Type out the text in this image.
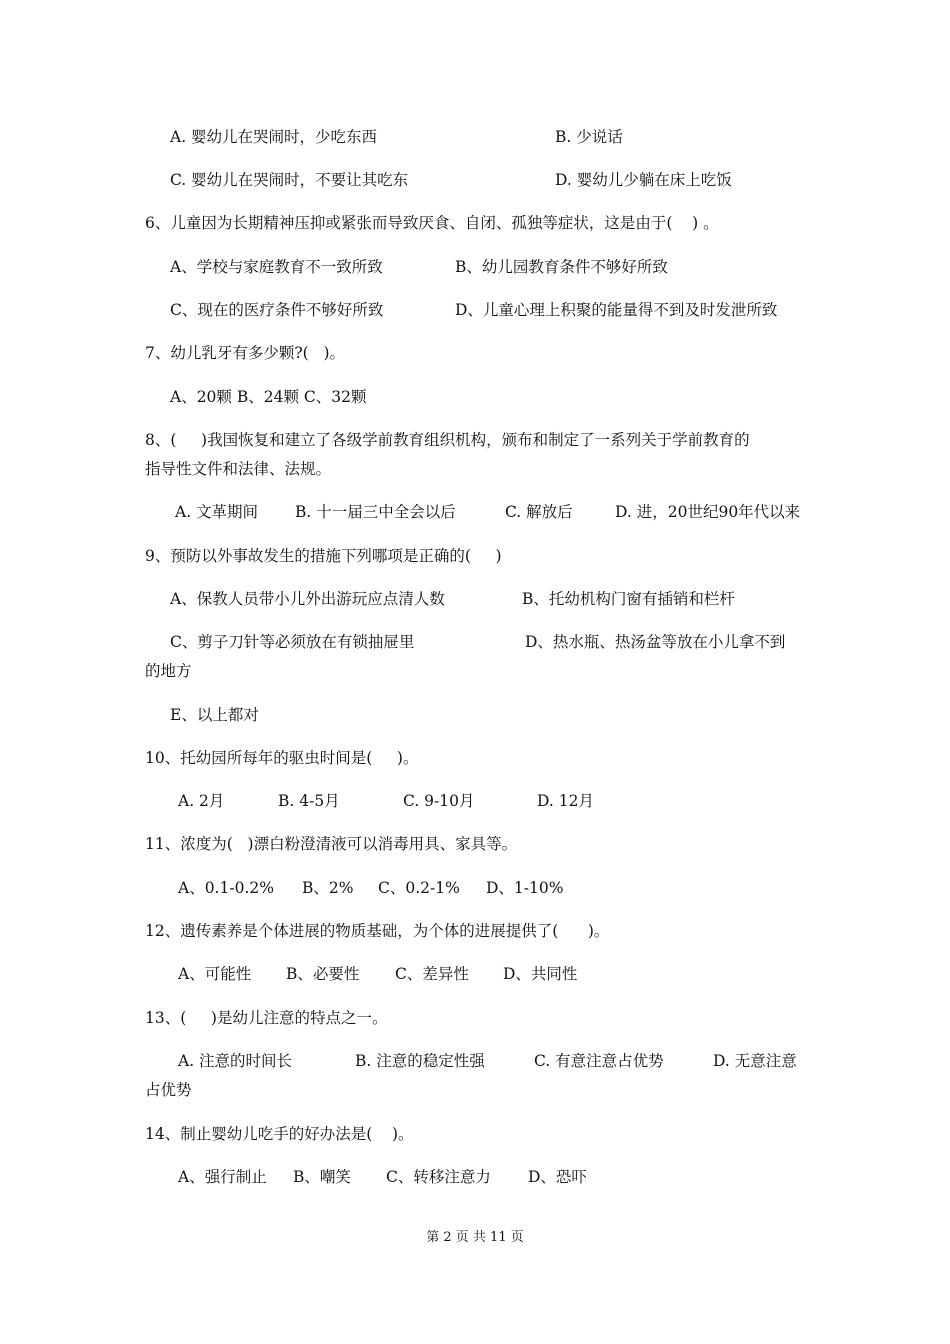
A. 婴幼儿在哭闹时，少吃东西	B. 少说话
C. 婴幼儿在哭闹时，不要让其吃东	D. 婴幼儿少躺在床上吃饭
6、儿童因为长期精神压抑或紧张而导致厌食、自闭、孤独等症状，这是由于(    ) 。
A、学校与家庭教育不一致所致	B、幼儿园教育条件不够好所致
C、现在的医疗条件不够好所致	D、儿童心理上积聚的能量得不到及时发泄所致
7、幼儿乳牙有多少颗?(   )。
A、20颗 B、24颗 C、32颗
8、(     )我国恢复和建立了各级学前教育组织机构，颁布和制定了一系列关于学前教育的
指导性文件和法律、法规。
A. 文革期间 B. 十一届三中全会以后	C. 解放后	D. 进，20世纪90年代以来
9、预防以外事故发生的措施下列哪项是正确的(     )
A、保教人员带小儿外出游玩应点清人数	B、托幼机构门窗有插销和栏杆
C、剪子刀针等必须放在有锁抽屉里	D、热水瓶、热汤盆等放在小儿拿不到
的地方
E、以上都对
10、托幼园所每年的驱虫时间是(     )。
A. 2月	B. 4-5月	C. 9-10月	D. 12月
11、浓度为(   )漂白粉澄清液可以消毒用具、家具等。
A、0.1-0.2% B、2% C、0.2-1% D、1-10%
12、遗传素养是个体进展的物质基础，为个体的进展提供了(      )。
A、可能性 B、必要性 C、差异性 D、共同性
13、(     )是幼儿注意的特点之一。
A. 注意的时间长	B. 注意的稳定性强	C. 有意注意占优势	D. 无意注意
占优势
14、制止婴幼儿吃手的好办法是(    )。
A、强行制止 B、嘲笑 C、转移注意力 D、恐吓
第 2 页 共 11 页
